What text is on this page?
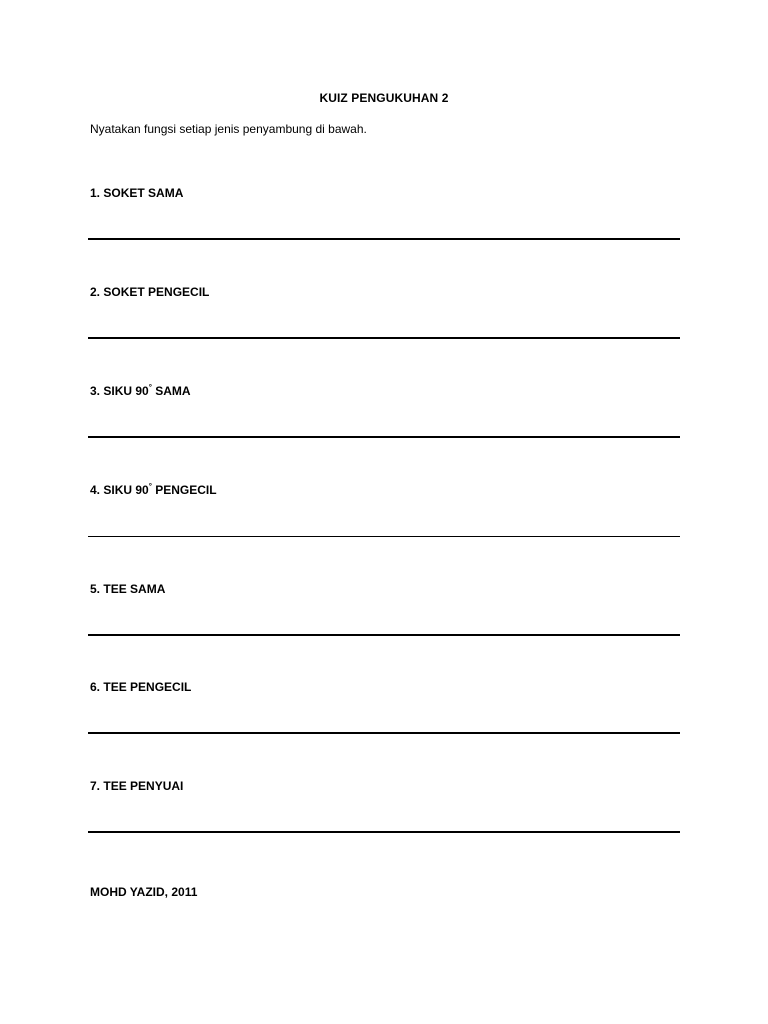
KUIZ PENGUKUHAN 2
Nyatakan fungsi setiap jenis penyambung di bawah.
1. SOKET SAMA
2. SOKET PENGECIL
3. SIKU 90° SAMA
4. SIKU 90° PENGECIL
5. TEE SAMA
6. TEE PENGECIL
7. TEE PENYUAI
MOHD YAZID, 2011
